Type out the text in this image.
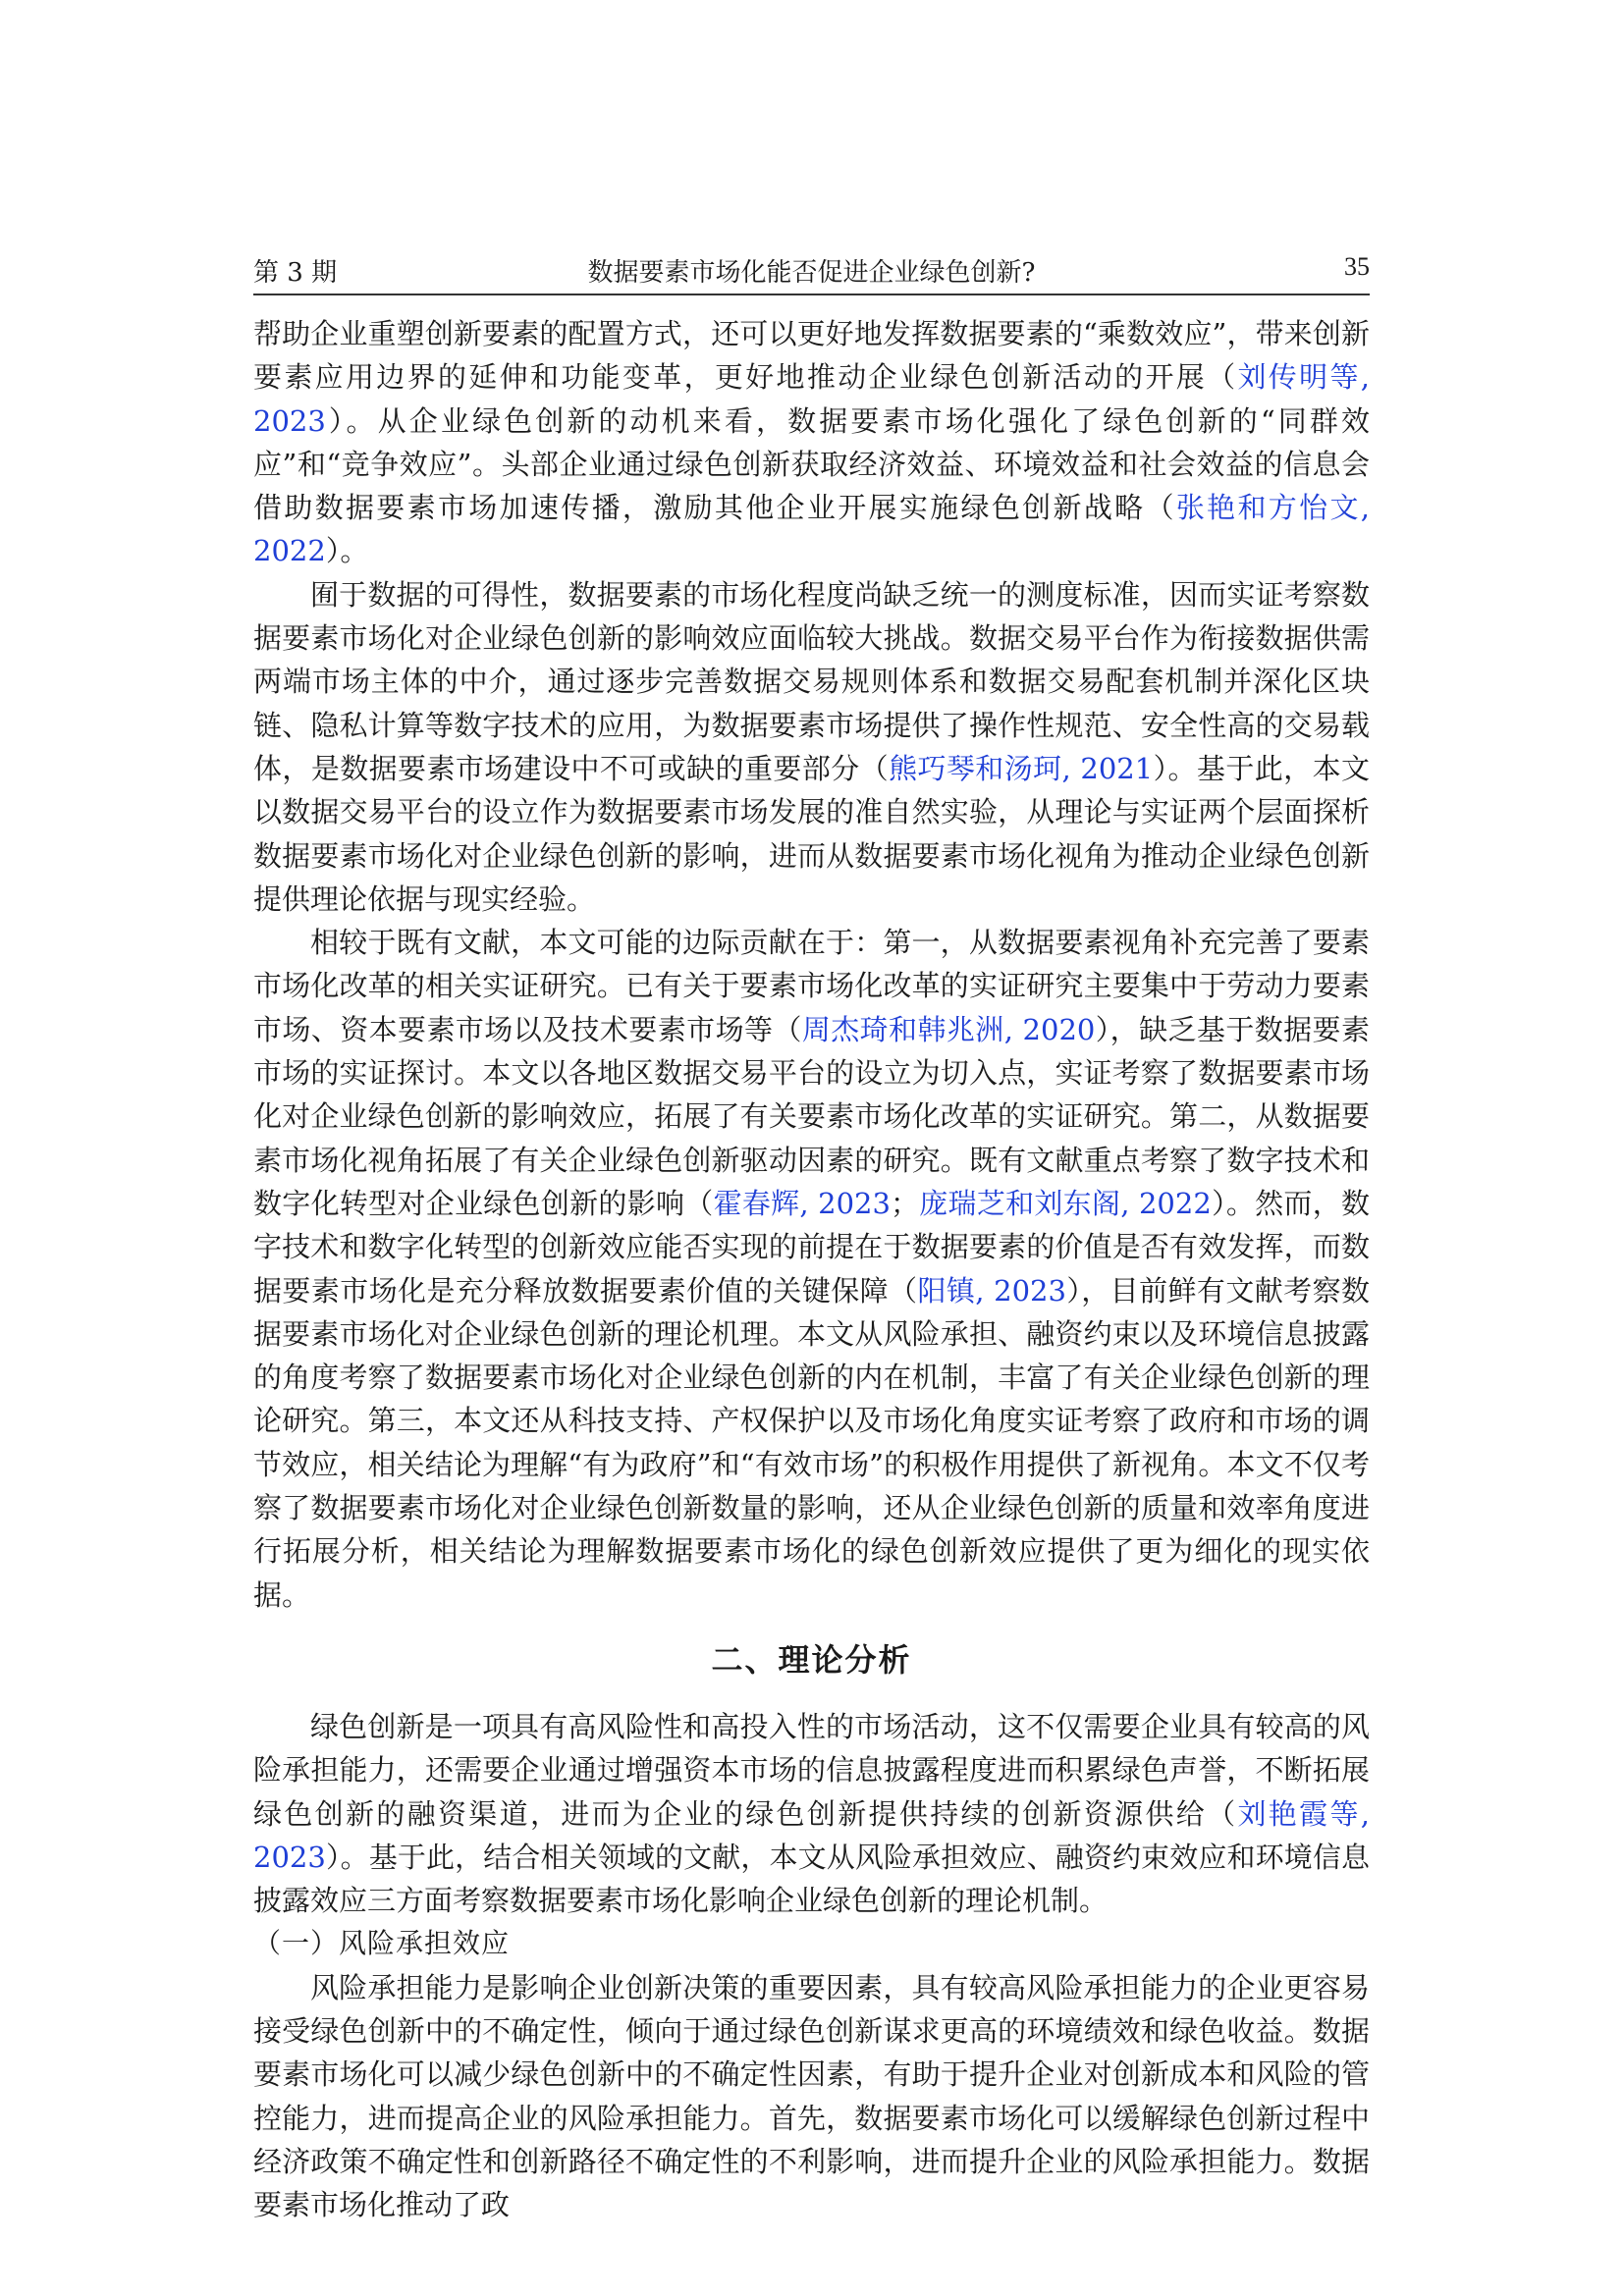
第 3 期	数据要素市场化能否促进企业绿色创新?	35

帮助企业重塑创新要素的配置方式，还可以更好地发挥数据要素的“乘数效应”，带来创新要素应用边界的延伸和功能变革，更好地推动企业绿色创新活动的开展（刘传明等, 2023）。从企业绿色创新的动机来看，数据要素市场化强化了绿色创新的“同群效应”和“竞争效应”。头部企业通过绿色创新获取经济效益、环境效益和社会效益的信息会借助数据要素市场加速传播，激励其他企业开展实施绿色创新战略（张艳和方怡文, 2022）。

囿于数据的可得性，数据要素的市场化程度尚缺乏统一的测度标准，因而实证考察数据要素市场化对企业绿色创新的影响效应面临较大挑战。数据交易平台作为衔接数据供需两端市场主体的中介，通过逐步完善数据交易规则体系和数据交易配套机制并深化区块链、隐私计算等数字技术的应用，为数据要素市场提供了操作性规范、安全性高的交易载体，是数据要素市场建设中不可或缺的重要部分（熊巧琴和汤珂, 2021）。基于此，本文以数据交易平台的设立作为数据要素市场发展的准自然实验，从理论与实证两个层面探析数据要素市场化对企业绿色创新的影响，进而从数据要素市场化视角为推动企业绿色创新提供理论依据与现实经验。

相较于既有文献，本文可能的边际贡献在于：第一，从数据要素视角补充完善了要素市场化改革的相关实证研究。已有关于要素市场化改革的实证研究主要集中于劳动力要素市场、资本要素市场以及技术要素市场等（周杰琦和韩兆洲, 2020），缺乏基于数据要素市场的实证探讨。本文以各地区数据交易平台的设立为切入点，实证考察了数据要素市场化对企业绿色创新的影响效应，拓展了有关要素市场化改革的实证研究。第二，从数据要素市场化视角拓展了有关企业绿色创新驱动因素的研究。既有文献重点考察了数字技术和数字化转型对企业绿色创新的影响（霍春辉, 2023；庞瑞芝和刘东阁, 2022）。然而，数字技术和数字化转型的创新效应能否实现的前提在于数据要素的价值是否有效发挥，而数据要素市场化是充分释放数据要素价值的关键保障（阳镇, 2023），目前鲜有文献考察数据要素市场化对企业绿色创新的理论机理。本文从风险承担、融资约束以及环境信息披露的角度考察了数据要素市场化对企业绿色创新的内在机制，丰富了有关企业绿色创新的理论研究。第三，本文还从科技支持、产权保护以及市场化角度实证考察了政府和市场的调节效应，相关结论为理解“有为政府”和“有效市场”的积极作用提供了新视角。本文不仅考察了数据要素市场化对企业绿色创新数量的影响，还从企业绿色创新的质量和效率角度进行拓展分析，相关结论为理解数据要素市场化的绿色创新效应提供了更为细化的现实依据。

二、理论分析

绿色创新是一项具有高风险性和高投入性的市场活动，这不仅需要企业具有较高的风险承担能力，还需要企业通过增强资本市场的信息披露程度进而积累绿色声誉，不断拓展绿色创新的融资渠道，进而为企业的绿色创新提供持续的创新资源供给（刘艳霞等, 2023）。基于此，结合相关领域的文献，本文从风险承担效应、融资约束效应和环境信息披露效应三方面考察数据要素市场化影响企业绿色创新的理论机制。

（一）风险承担效应

风险承担能力是影响企业创新决策的重要因素，具有较高风险承担能力的企业更容易接受绿色创新中的不确定性，倾向于通过绿色创新谋求更高的环境绩效和绿色收益。数据要素市场化可以减少绿色创新中的不确定性因素，有助于提升企业对创新成本和风险的管控能力，进而提高企业的风险承担能力。首先，数据要素市场化可以缓解绿色创新过程中经济政策不确定性和创新路径不确定性的不利影响，进而提升企业的风险承担能力。数据要素市场化推动了政
